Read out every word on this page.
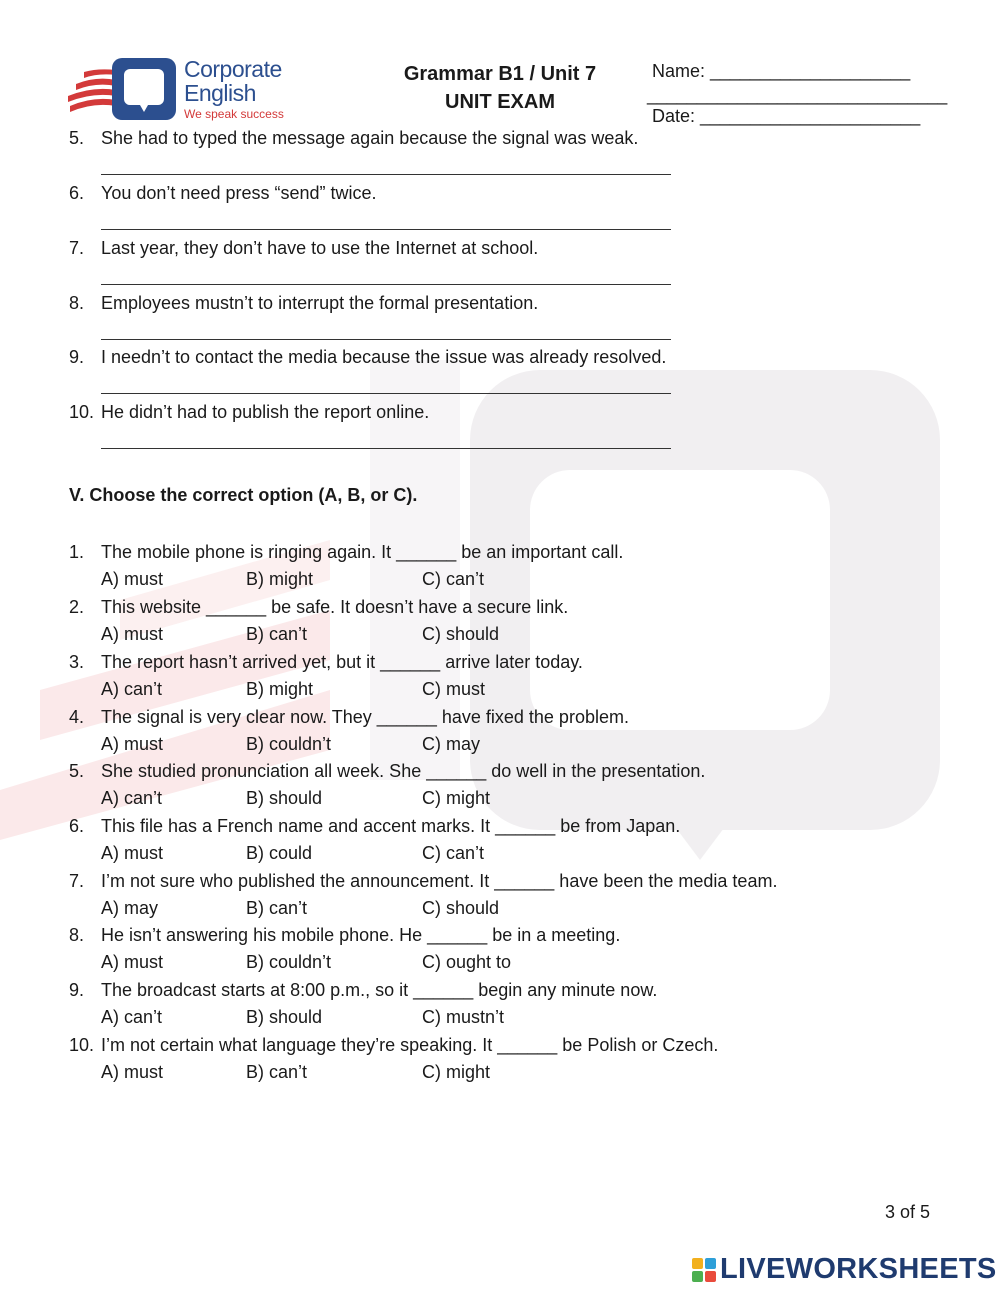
Corporate
English
We speak success
Grammar B1 / Unit 7
UNIT EXAM
Name: ____________________
______________________________
Date: ______________________
5. She had to typed the message again because the signal was weak.
6. You don’t need press “send” twice.
7. Last year, they don’t have to use the Internet at school.
8. Employees mustn’t to interrupt the formal presentation.
9. I needn’t to contact the media because the issue was already resolved.
10. He didn’t had to publish the report online.
V. Choose the correct option (A, B, or C).
1. The mobile phone is ringing again. It ______ be an important call.
A) must	B) might	C) can’t
2. This website ______ be safe. It doesn’t have a secure link.
A) must	B) can’t	C) should
3. The report hasn’t arrived yet, but it ______ arrive later today.
A) can’t	B) might	C) must
4. The signal is very clear now. They ______ have fixed the problem.
A) must	B) couldn’t	C) may
5. She studied pronunciation all week. She ______ do well in the presentation.
A) can’t	B) should	C) might
6. This file has a French name and accent marks. It ______ be from Japan.
A) must	B) could	C) can’t
7. I’m not sure who published the announcement. It ______ have been the media team.
A) may	B) can’t	C) should
8. He isn’t answering his mobile phone. He ______ be in a meeting.
A) must	B) couldn’t	C) ought to
9. The broadcast starts at 8:00 p.m., so it ______ begin any minute now.
A) can’t	B) should	C) mustn’t
10. I’m not certain what language they’re speaking. It ______ be Polish or Czech.
A) must	B) can’t	C) might
3 of 5
LIVEWORKSHEETS
